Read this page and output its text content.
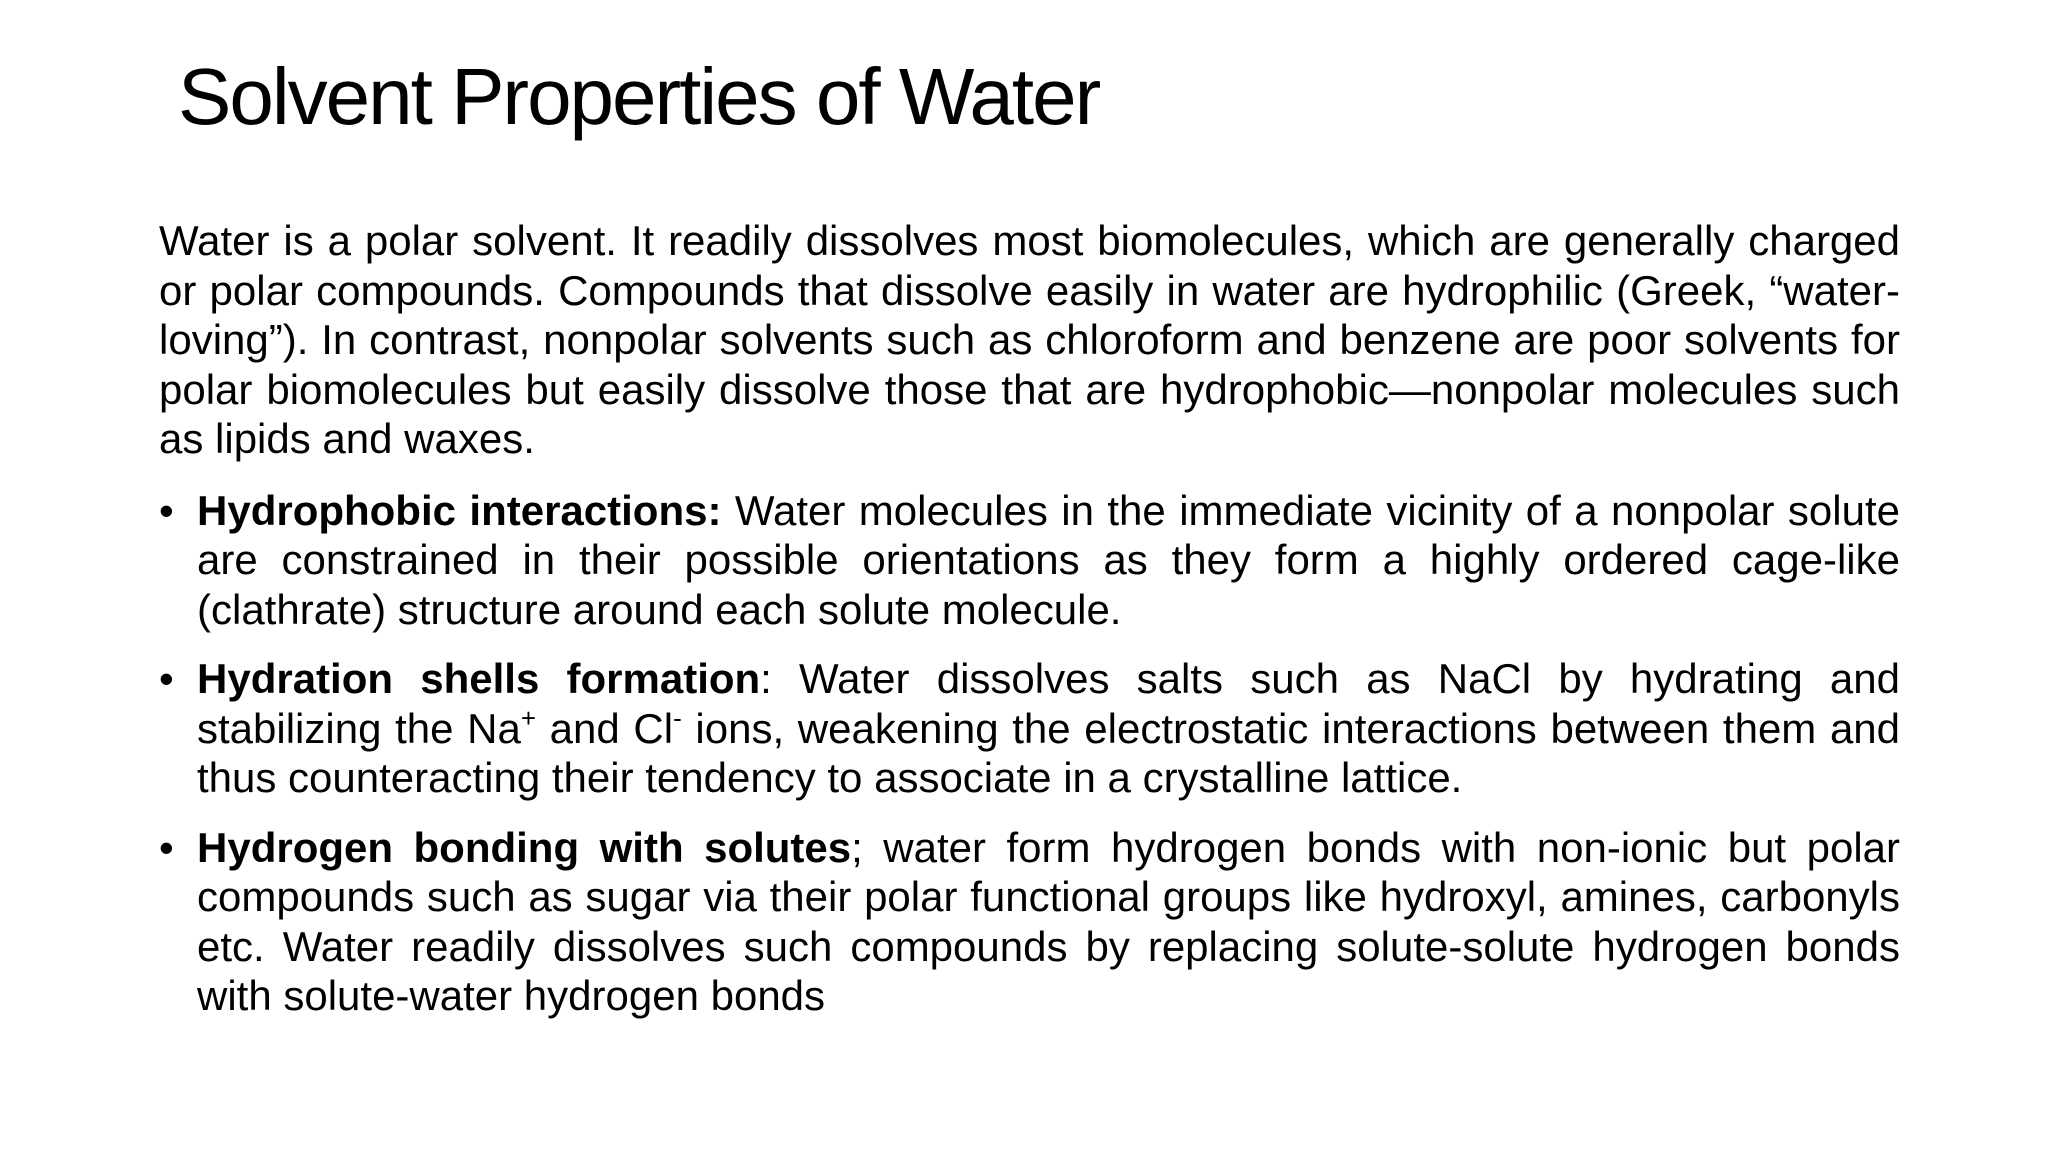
Solvent Properties of Water

Water is a polar solvent. It readily dissolves most biomolecules, which are generally charged or polar compounds. Compounds that dissolve easily in water are hydrophilic (Greek, “water-loving”). In contrast, nonpolar solvents such as chloroform and benzene are poor solvents for polar biomolecules but easily dissolve those that are hydrophobic—nonpolar molecules such as lipids and waxes.

• Hydrophobic interactions: Water molecules in the immediate vicinity of a nonpolar solute are constrained in their possible orientations as they form a highly ordered cage-like (clathrate) structure around each solute molecule.
• Hydration shells formation: Water dissolves salts such as NaCl by hydrating and stabilizing the Na+ and Cl- ions, weakening the electrostatic interactions between them and thus counteracting their tendency to associate in a crystalline lattice.
• Hydrogen bonding with solutes; water form hydrogen bonds with non-ionic but polar compounds such as sugar via their polar functional groups like hydroxyl, amines, carbonyls etc. Water readily dissolves such compounds by replacing solute-solute hydrogen bonds with solute-water hydrogen bonds
